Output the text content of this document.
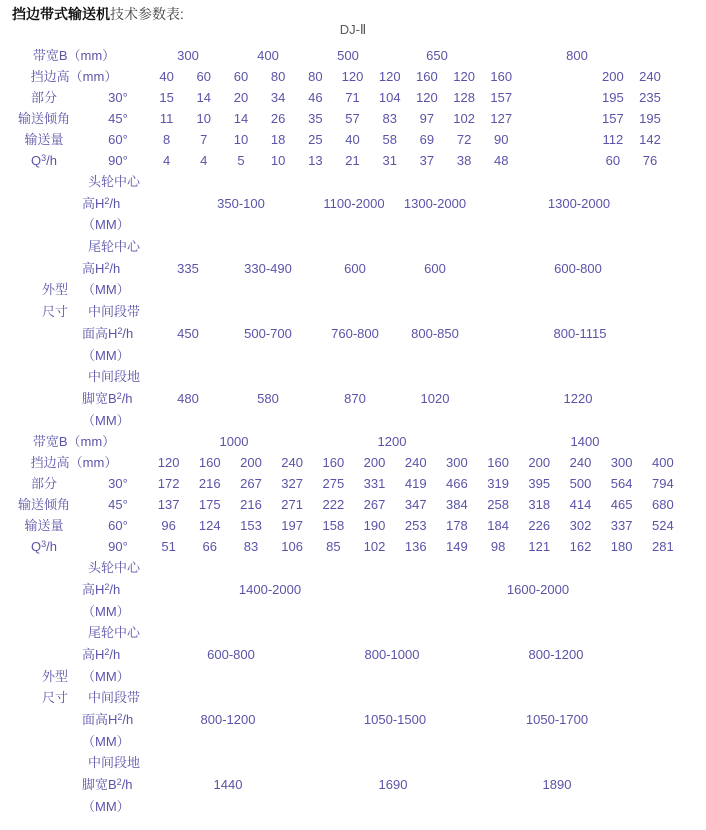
挡边带式输送机技术参数表:
DJ-Ⅱ
带宽B（mm）	300	400	500	650	800
挡边高（mm）	40 60 60 80 80 120 120 160 120 160	200 240
部分	30° 15 14 20 34 46 71 104 120 128 157	195 235
输送倾角	45° 11 10 14 26 35 57 83 97 102 127	157 195
输送量	60°	8 7 10 18 25 40 58 69 72 90	112 142
$Q^3/h$	90°	4 4 5 10 13 21 31 37 38 48	60 76
头轮中心
高$H^2/h$	350-100	1100-2000 1300-2000	1300-2000
（MM）
尾轮中心
高$H^2/h$	335	330-490	600	600	600-800
外型 （MM）
尺寸 中间段带
面高$H^2/h$	450	500-700	760-800 800-850	800-1115
（MM）
中间段地
脚宽$B^2/h$	480	580	870	1020	1220
（MM）
带宽B（mm）	1000	1200	1400
挡边高（mm）	120 160 200 240 160 200 240 300 160 200 240 300 400
部分	30° 172 216 267 327 275 331 419 466 319 395 500 564 794
输送倾角	45° 137 175 216 271 222 267 347 384 258 318 414 465 680
输送量	60°	96 124 153 197 158 190 253 178 184 226 302 337 524
$Q^3/h$	90°	51 66 83 106 85 102 136 149 98 121 162 180 281
头轮中心
高$H^2/h$	1400-2000	1600-2000
（MM）
尾轮中心
高$H^2/h$	600-800	800-1000	800-1200
外型 （MM）
尺寸 中间段带
面高$H^2/h$	800-1200	1050-1500	1050-1700
（MM）
中间段地
脚宽$B^2/h$	1440	1690	1890
（MM）
